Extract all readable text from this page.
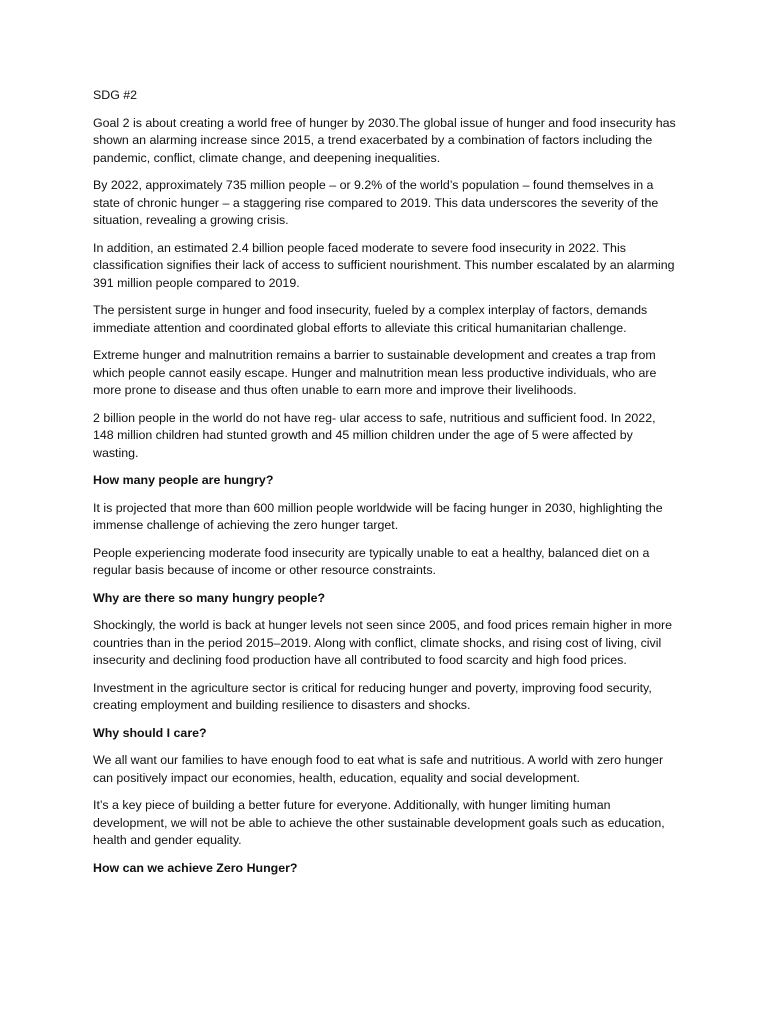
SDG #2

Goal 2 is about creating a world free of hunger by 2030.The global issue of hunger and food insecurity has shown an alarming increase since 2015, a trend exacerbated by a combination of factors including the pandemic, conflict, climate change, and deepening inequalities.

By 2022, approximately 735 million people – or 9.2% of the world’s population – found themselves in a state of chronic hunger – a staggering rise compared to 2019. This data underscores the severity of the situation, revealing a growing crisis.

In addition, an estimated 2.4 billion people faced moderate to severe food insecurity in 2022. This classification signifies their lack of access to sufficient nourishment. This number escalated by an alarming 391 million people compared to 2019.

The persistent surge in hunger and food insecurity, fueled by a complex interplay of factors, demands immediate attention and coordinated global efforts to alleviate this critical humanitarian challenge.

Extreme hunger and malnutrition remains a barrier to sustainable development and creates a trap from which people cannot easily escape. Hunger and malnutrition mean less productive individuals, who are more prone to disease and thus often unable to earn more and improve their livelihoods.

2 billion people in the world do not have reg- ular access to safe, nutritious and sufficient food. In 2022, 148 million children had stunted growth and 45 million children under the age of 5 were affected by wasting.

How many people are hungry?

It is projected that more than 600 million people worldwide will be facing hunger in 2030, highlighting the immense challenge of achieving the zero hunger target.

People experiencing moderate food insecurity are typically unable to eat a healthy, balanced diet on a regular basis because of income or other resource constraints.

Why are there so many hungry people?

Shockingly, the world is back at hunger levels not seen since 2005, and food prices remain higher in more countries than in the period 2015–2019. Along with conflict, climate shocks, and rising cost of living, civil insecurity and declining food production have all contributed to food scarcity and high food prices.

Investment in the agriculture sector is critical for reducing hunger and poverty, improving food security, creating employment and building resilience to disasters and shocks.

Why should I care?

We all want our families to have enough food to eat what is safe and nutritious. A world with zero hunger can positively impact our economies, health, education, equality and social development.

It’s a key piece of building a better future for everyone. Additionally, with hunger limiting human development, we will not be able to achieve the other sustainable development goals such as education, health and gender equality.

How can we achieve Zero Hunger?
